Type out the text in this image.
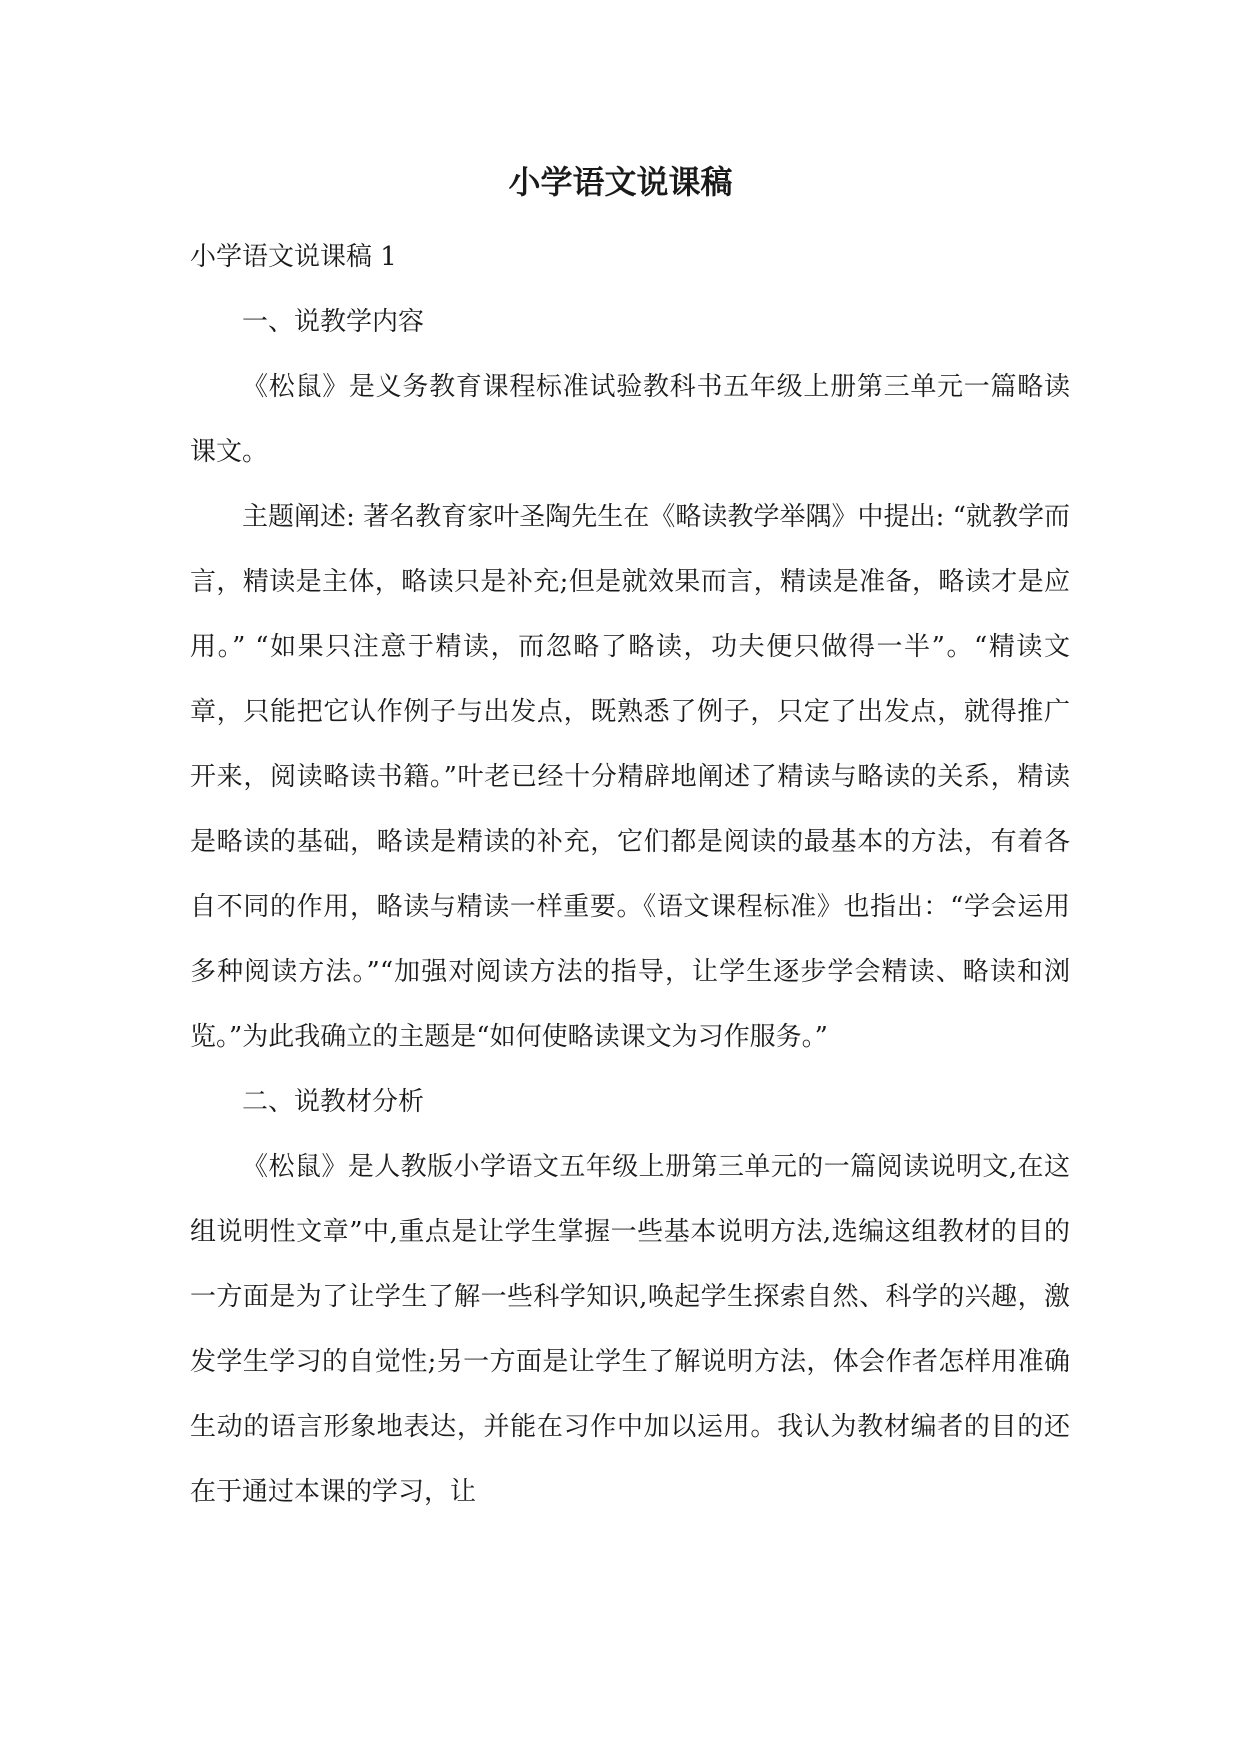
小学语文说课稿

小学语文说课稿 1

一、说教学内容

《松鼠》是义务教育课程标准试验教科书五年级上册第三单元一篇略读课文。

主题阐述: 著名教育家叶圣陶先生在《略读教学举隅》中提出: “就教学而言，精读是主体，略读只是补充;但是就效果而言，精读是准备，略读才是应用。” “如果只注意于精读，而忽略了略读，功夫便只做得一半”。“精读文章，只能把它认作例子与出发点，既熟悉了例子，只定了出发点，就得推广开来，阅读略读书籍。”叶老已经十分精辟地阐述了精读与略读的关系，精读是略读的基础，略读是精读的补充，它们都是阅读的最基本的方法，有着各自不同的作用，略读与精读一样重要。《语文课程标准》也指出：“学会运用多种阅读方法。”“加强对阅读方法的指导，让学生逐步学会精读、略读和浏览。”为此我确立的主题是“如何使略读课文为习作服务。”

二、说教材分析

《松鼠》是人教版小学语文五年级上册第三单元的一篇阅读说明文,在这组说明性文章”中,重点是让学生掌握一些基本说明方法,选编这组教材的目的一方面是为了让学生了解一些科学知识,唤起学生探索自然、科学的兴趣，激发学生学习的自觉性;另一方面是让学生了解说明方法，体会作者怎样用准确生动的语言形象地表达，并能在习作中加以运用。我认为教材编者的目的还在于通过本课的学习，让
